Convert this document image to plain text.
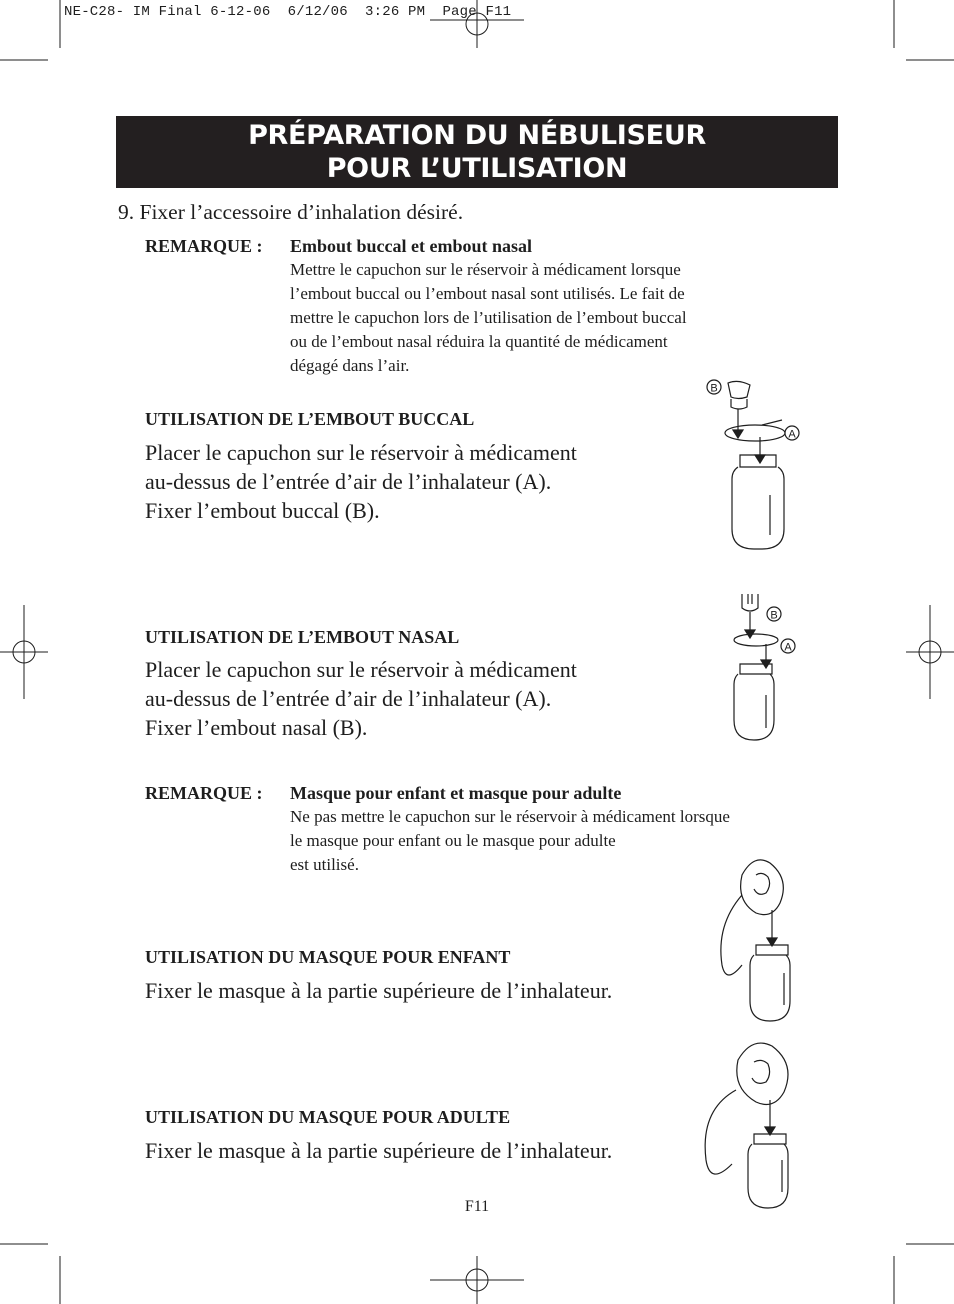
NE-C28- IM Final 6-12-06  6/12/06  3:26 PM  Page F11
PRÉPARATION DU NÉBULISEUR
POUR L’UTILISATION
9. Fixer l’accessoire d’inhalation désiré.
REMARQUE : Embout buccal et embout nasal
Mettre le capuchon sur le réservoir à médicament lorsque
l’embout buccal ou l’embout nasal sont utilisés. Le fait de
mettre le capuchon lors de l’utilisation de l’embout buccal
ou de l’embout nasal réduira la quantité de médicament
dégagé dans l’air.
UTILISATION DE L’EMBOUT BUCCAL
Placer le capuchon sur le réservoir à médicament
au-dessus de l’entrée d’air de l’inhalateur (A).
Fixer l’embout buccal (B).
UTILISATION DE L’EMBOUT NASAL
Placer le capuchon sur le réservoir à médicament
au-dessus de l’entrée d’air de l’inhalateur (A).
Fixer l’embout nasal (B).
REMARQUE : Masque pour enfant et masque pour adulte
Ne pas mettre le capuchon sur le réservoir à médicament lorsque
le masque pour enfant ou le masque pour adulte
est utilisé.
UTILISATION DU MASQUE POUR ENFANT
Fixer le masque à la partie supérieure de l’inhalateur.
UTILISATION DU MASQUE POUR ADULTE
Fixer le masque à la partie supérieure de l’inhalateur.
F11
B
A
B
A
